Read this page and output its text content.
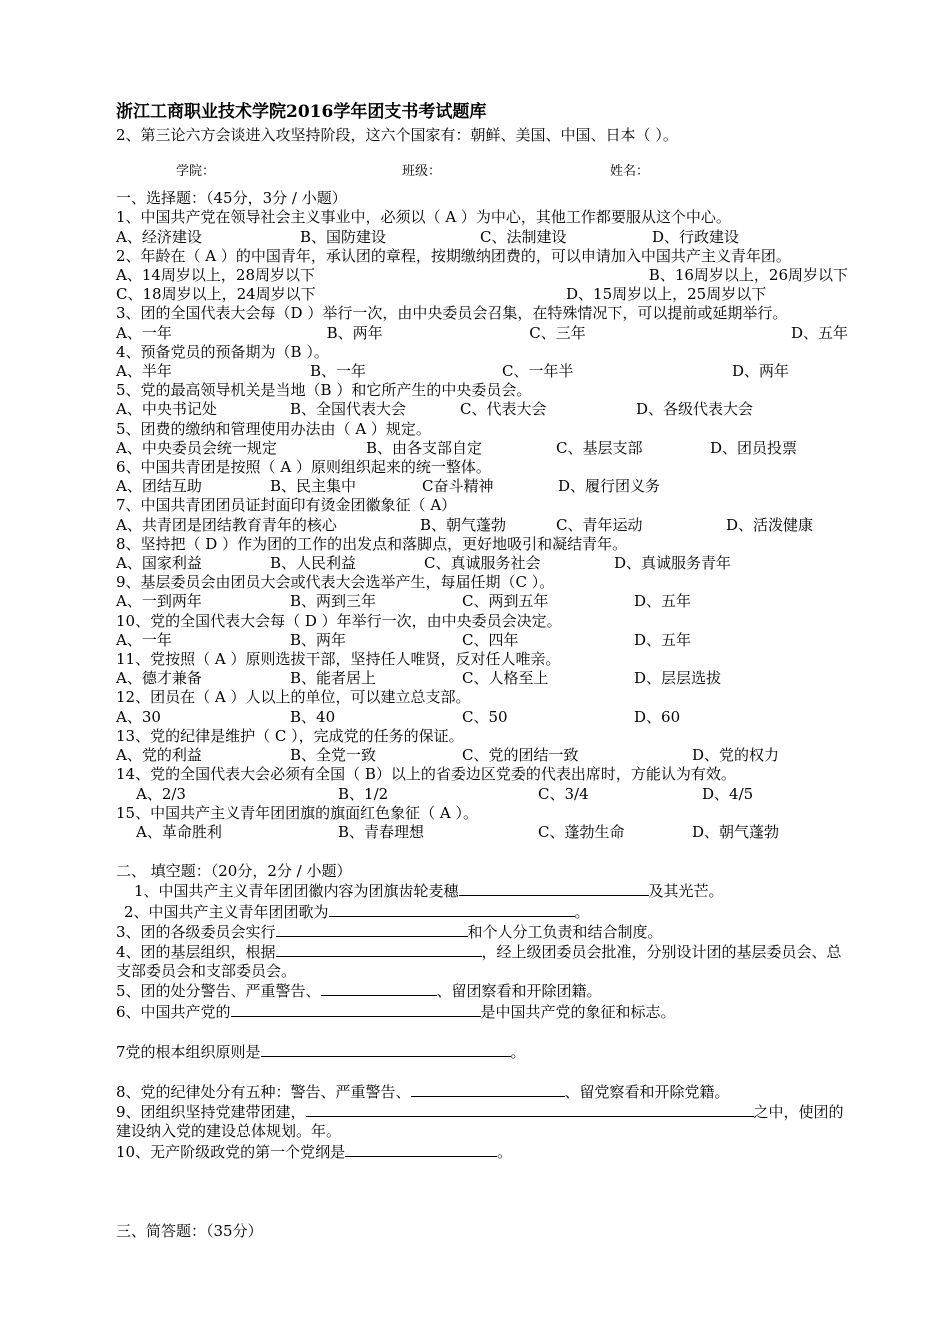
浙江工商职业技术学院2016学年团支书考试题库
2、第三论六方会谈进入攻坚持阶段，这六个国家有：朝鲜、美国、中国、日本（ ）。
学院：	班级：	姓名：
一、选择题：（45分，3分 / 小题）
1、中国共产党在领导社会主义事业中，必须以（ A ）为中心，其他工作都要服从这个中心。
A、经济建设	B、国防建设	C、法制建设	D、行政建设
2、年龄在（ A ）的中国青年，承认团的章程，按期缴纳团费的，可以申请加入中国共产主义青年团。
A、14周岁以上，28周岁以下	B、16周岁以上，26周岁以下
C、18周岁以上，24周岁以下	D、15周岁以上，25周岁以下
3、团的全国代表大会每（D ）举行一次，由中央委员会召集，在特殊情况下，可以提前或延期举行。
A、一年	B、两年	C、三年	D、五年
4、预备党员的预备期为（B ）。
A、半年	B、一年	C、一年半	D、两年
5、党的最高领导机关是当地（B ）和它所产生的中央委员会。
A、中央书记处	B、全国代表大会	C、代表大会	D、各级代表大会
5、团费的缴纳和管理使用办法由（ A ）规定。
A、中央委员会统一规定	B、由各支部自定	C、基层支部	D、团员投票
6、中国共青团是按照（ A ）原则组织起来的统一整体。
A、团结互助	B、民主集中	C奋斗精神	D、履行团义务
7、中国共青团团员证封面印有烫金团徽象征（ A）
A、共青团是团结教育青年的核心	B、朝气蓬勃	C、青年运动	D、活泼健康
8、坚持把（ D ）作为团的工作的出发点和落脚点，更好地吸引和凝结青年。
A、国家利益	B、人民利益	C、真诚服务社会	D、真诚服务青年
9、基层委员会由团员大会或代表大会选举产生，每届任期（C ）。
A、一到两年	B、两到三年	C、两到五年	D、五年
10、党的全国代表大会每（ D ）年举行一次，由中央委员会决定。
A、一年	B、两年	C、四年	D、五年
11、党按照（ A ）原则选拔干部，坚持任人唯贤，反对任人唯亲。
A、德才兼备	B、能者居上	C、人格至上	D、层层选拔
12、团员在（ A ）人以上的单位，可以建立总支部。
A、30	B、40	C、50	D、60
13、党的纪律是维护（ C ），完成党的任务的保证。
A、党的利益	B、全党一致	C、党的团结一致	D、党的权力
14、党的全国代表大会必须有全国（ B）以上的省委边区党委的代表出席时，方能认为有效。
A、2/3	B、1/2	C、3/4	D、4/5
15、中国共产主义青年团团旗的旗面红色象征（ A ）。
A、革命胜利	B、青春理想	C、蓬勃生命	D、朝气蓬勃
二、 填空题：（20分，2分 / 小题）
1、中国共产主义青年团团徽内容为团旗齿轮麦穗	及其光芒。
2、中国共产主义青年团团歌为	。
3、团的各级委员会实行	和个人分工负责和结合制度。
4、团的基层组织，根据	，经上级团委员会批准，分别设计团的基层委员会、总支部委员会和支部委员会。
5、团的处分警告、严重警告、	、留团察看和开除团籍。
6、中国共产党的	是中国共产党的象征和标志。
7党的根本组织原则是	。
8、党的纪律处分有五种：警告、严重警告、	、留党察看和开除党籍。
9、团组织坚持党建带团建，	之中，使团的建设纳入党的建设总体规划。年。
10、无产阶级政党的第一个党纲是	。
三、简答题：（35分）
